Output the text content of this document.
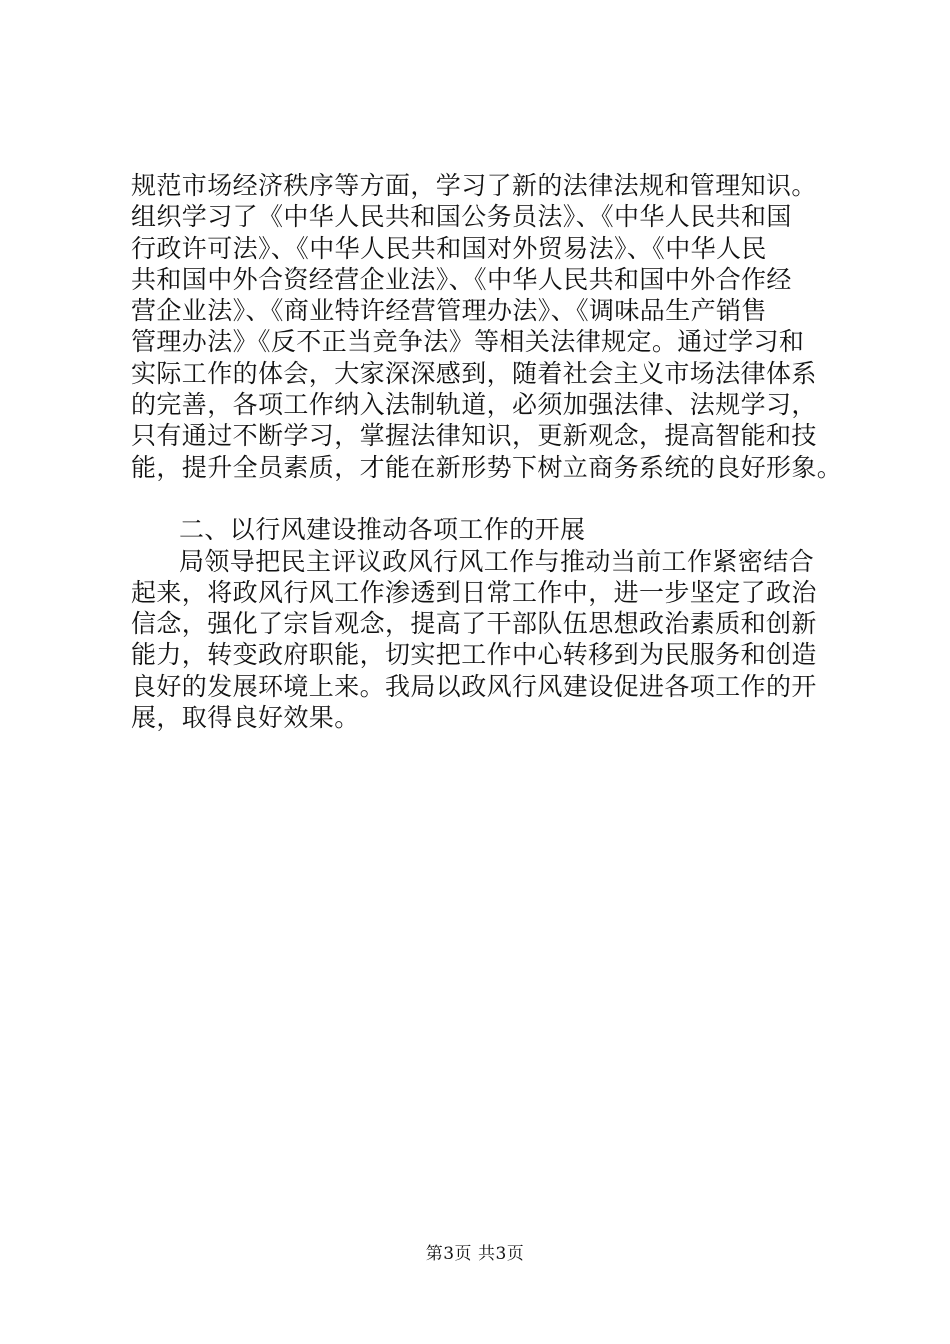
规范市场经济秩序等方面，学习了新的法律法规和管理知识。
组织学习了《中华人民共和国公务员法》、《中华人民共和国
行政许可法》、《中华人民共和国对外贸易法》、《中华人民
共和国中外合资经营企业法》、《中华人民共和国中外合作经
营企业法》、《商业特许经营管理办法》、《调味品生产销售
管理办法》《反不正当竞争法》等相关法律规定。通过学习和
实际工作的体会，大家深深感到，随着社会主义市场法律体系
的完善，各项工作纳入法制轨道，必须加强法律、法规学习，
只有通过不断学习，掌握法律知识，更新观念，提高智能和技
能，提升全员素质，才能在新形势下树立商务系统的良好形象。
二、以行风建设推动各项工作的开展
局领导把民主评议政风行风工作与推动当前工作紧密结合
起来，将政风行风工作渗透到日常工作中，进一步坚定了政治
信念，强化了宗旨观念，提高了干部队伍思想政治素质和创新
能力，转变政府职能，切实把工作中心转移到为民服务和创造
良好的发展环境上来。我局以政风行风建设促进各项工作的开
展，取得良好效果。
第3页 共3页
